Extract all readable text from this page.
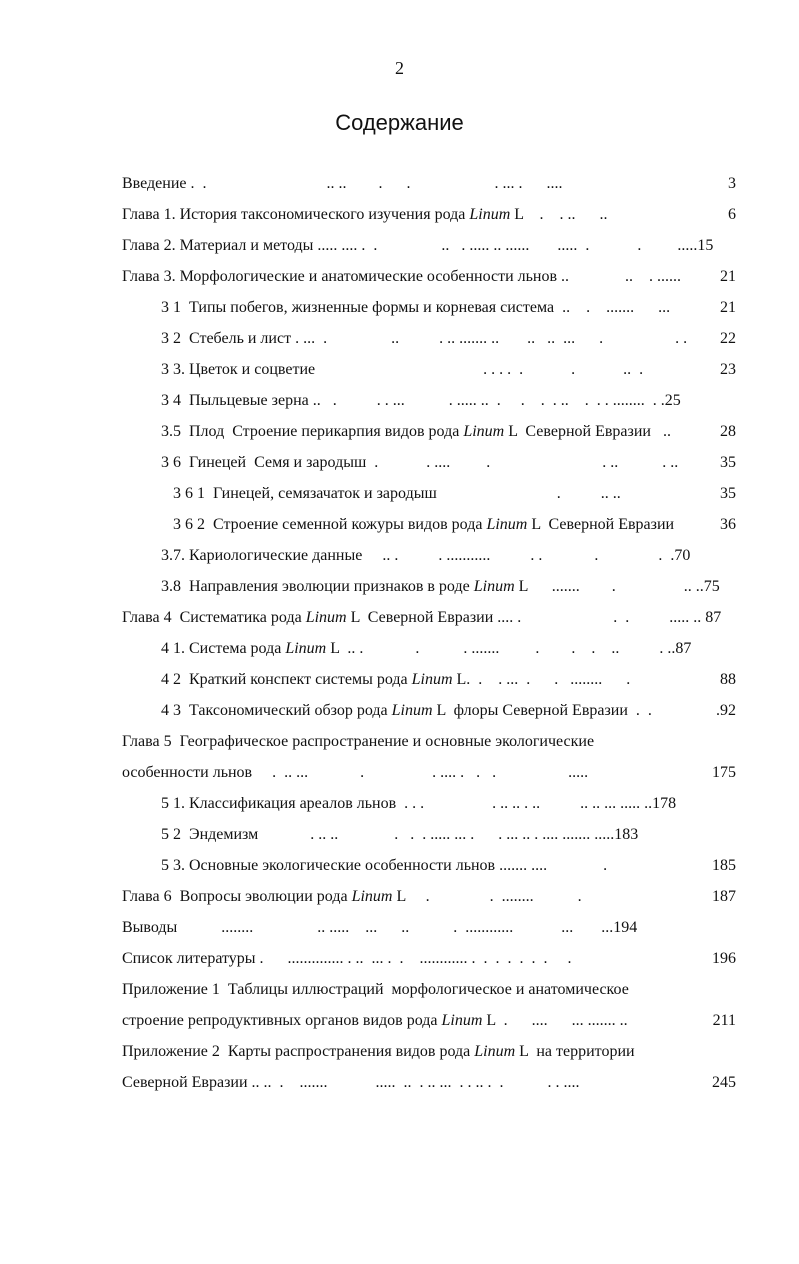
2
Содержание
Введение .  .                              .. ..        .      .                     . ... .      ....	3
Глава 1. История таксономического изучения рода Linum L    .    . ..      ..	6
Глава 2. Материал и методы ..... .... .  .                ..   . ..... .. ......       .....  .            .         .....15
Глава 3. Морфологические и анатомические особенности льнов ..              ..    . ...... 21
3 1  Типы побегов, жизненные формы и корневая система  ..    .    .......      ...	21
3 2  Стебель и лист . ...  .                ..          . .. ....... ..       ..   ..  ...      .                  . . 22
3 3. Цветок и соцветие                                          . . . .  .            .            ..  .	23
3 4  Пыльцевые зерна ..   .          . . ...           . ..... ..  .     .    .  . ..    .  . . ........  . .25
3.5  Плод  Строение перикарпия видов рода Linum L  Северной Евразии   ..	28
3 6  Гинецей  Семя и зародыш  .            . ....         .                            . ..           . ..	35
3 6 1  Гинецей, семязачаток и зародыш                              .          .. ..	35
3 6 2  Строение семенной кожуры видов рода Linum L  Северной Евразии	36
3.7. Кариологические данные     .. .          . ...........          . .             .               .  .70
3.8  Направления эволюции признаков в роде Linum L      .......        .                 .. ..75
Глава 4  Систематика рода Linum L  Северной Евразии .... .                       .  .          ..... .. 87
4 1. Система рода Linum L  .. .             .           . .......         .        .    .    ..          . ..87
4 2  Краткий конспект системы рода Linum L.  .    . ...  .      .   ........      .	88
4 3  Таксономический обзор рода Linum L  флоры Северной Евразии  .  .	.92
Глава 5  Географическое распространение и основные экологические
особенности льнов     .  .. ...             .                 . .... .   .   .                  .....	175
5 1. Классификация ареалов льнов  . . .                 . .. .. . ..          .. .. ... ..... ..178
5 2  Эндемизм             . .. ..              .   .  . ..... ... .      . ... .. . .... ....... .....183
5 3. Основные экологические особенности льнов ....... ....              .	185
Глава 6  Вопросы эволюции рода Linum L     .               .  ........           .	187
Выводы           ........                .. .....    ...      ..           .  ............            ...       ...194
Список литературы .      .............. . ..  ... .  .    ............ .  .  .  .  .  .  .     .	196
Приложение 1  Таблицы иллюстраций  морфологическое и анатомическое
строение репродуктивных органов видов рода Linum L  .      ....      ... ....... ..	211
Приложение 2  Карты распространения видов рода Linum L  на территории
Северной Евразии .. ..  .    .......            .....  ..  . .. ...  . . .. .  .           . . ....	245
